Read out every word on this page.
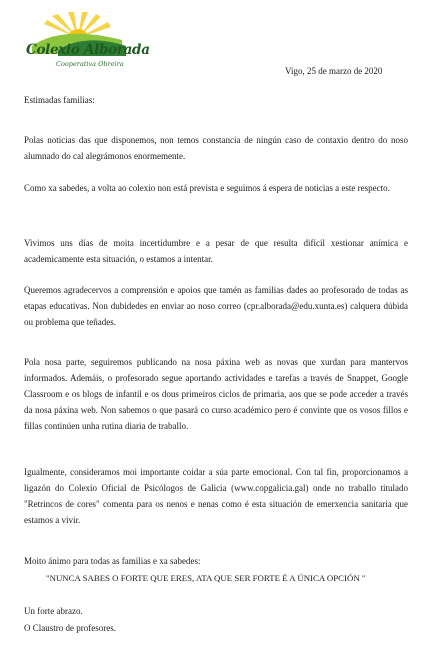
Colexio Alborada
Cooperativa Obreira
Vigo, 25 de marzo de 2020

Estimadas familias:

Polas noticias das que disponemos, non temos constancia de ningún caso de contaxio dentro do noso alumnado do cal alegrámonos enormemente.

Como xa sabedes, a volta ao colexio non está prevista e seguimos á espera de noticias a este respecto.

Vivimos uns días de moita incertidumbre e a pesar de que resulta difícil xestionar anímica e academicamente esta situación, o estamos a intentar.

Queremos agradecervos a comprensión e apoios que tamén as familias dades ao profesorado de todas as etapas educativas. Non dubidedes en enviar ao noso correo (cpr.alborada@edu.xunta.es) calquera dúbida ou problema que teñades.

Pola nosa parte, seguiremos publicando na nosa páxina web as novas que xurdan para mantervos informados. Ademáis, o profesorado segue aportando actividades e tarefas a través de Snappet, Google Classroom e os blogs de infantil e os dous primeiros ciclos de primaria, aos que se pode acceder a través da nosa páxina web. Non sabemos o que pasará co curso académico pero é convinte que os vosos fillos e fillas continúen unha rutina diaria de traballo.

Igualmente, consideramos moi importante coidar a súa parte emocional. Con tal fin, proporcionamos a ligazón do Colexio Oficial de Psicólogos de Galicia (www.copgalicia.gal) onde no traballo titulado "Retrincos de cores" comenta para os nenos e nenas como é esta situación de emerxencia sanitaria que estamos a vivir.

Moito ánimo para todas as familias e xa sabedes:

"NUNCA SABES O FORTE QUE ERES, ATA QUE SER FORTE É A ÚNICA OPCIÓN "

Un forte abrazo.

O Claustro de profesores.
